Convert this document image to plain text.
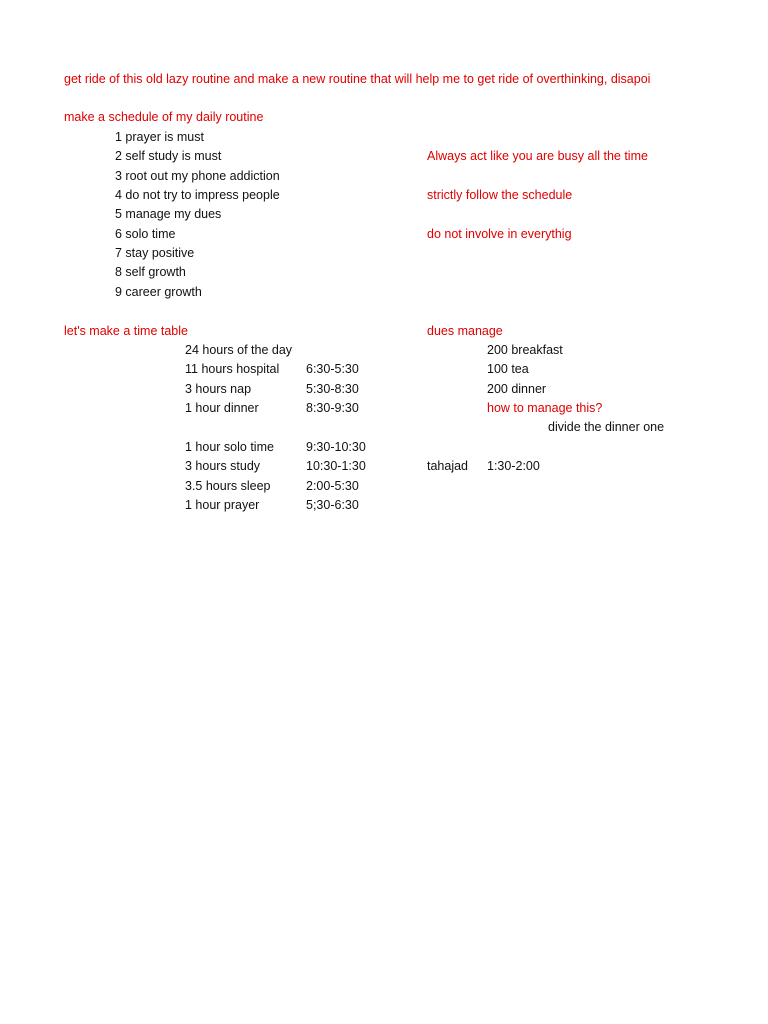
get ride of this old lazy routine and make a new routine that will help me to get ride of overthinking, disapoi
make a schedule of my daily routine
1 prayer is must
2 self study is must
3 root out my phone addiction
4 do not try to impress people
5 manage my dues
6 solo time
7 stay positive
8 self growth
9 career growth
Always act like you are busy all the time
strictly follow the schedule
do not involve in everythig
let's make a time table
24 hours of the day
11 hours hospital 6:30-5:30
3 hours nap	5:30-8:30
1 hour dinner	8:30-9:30
1 hour solo time	9:30-10:30
3 hours study	10:30-1:30
3.5 hours sleep	2:00-5:30
1 hour prayer	5;30-6:30
dues manage
200 breakfast
100 tea
200 dinner
how to manage this?
divide the dinner one
tahajad 1:30-2:00
